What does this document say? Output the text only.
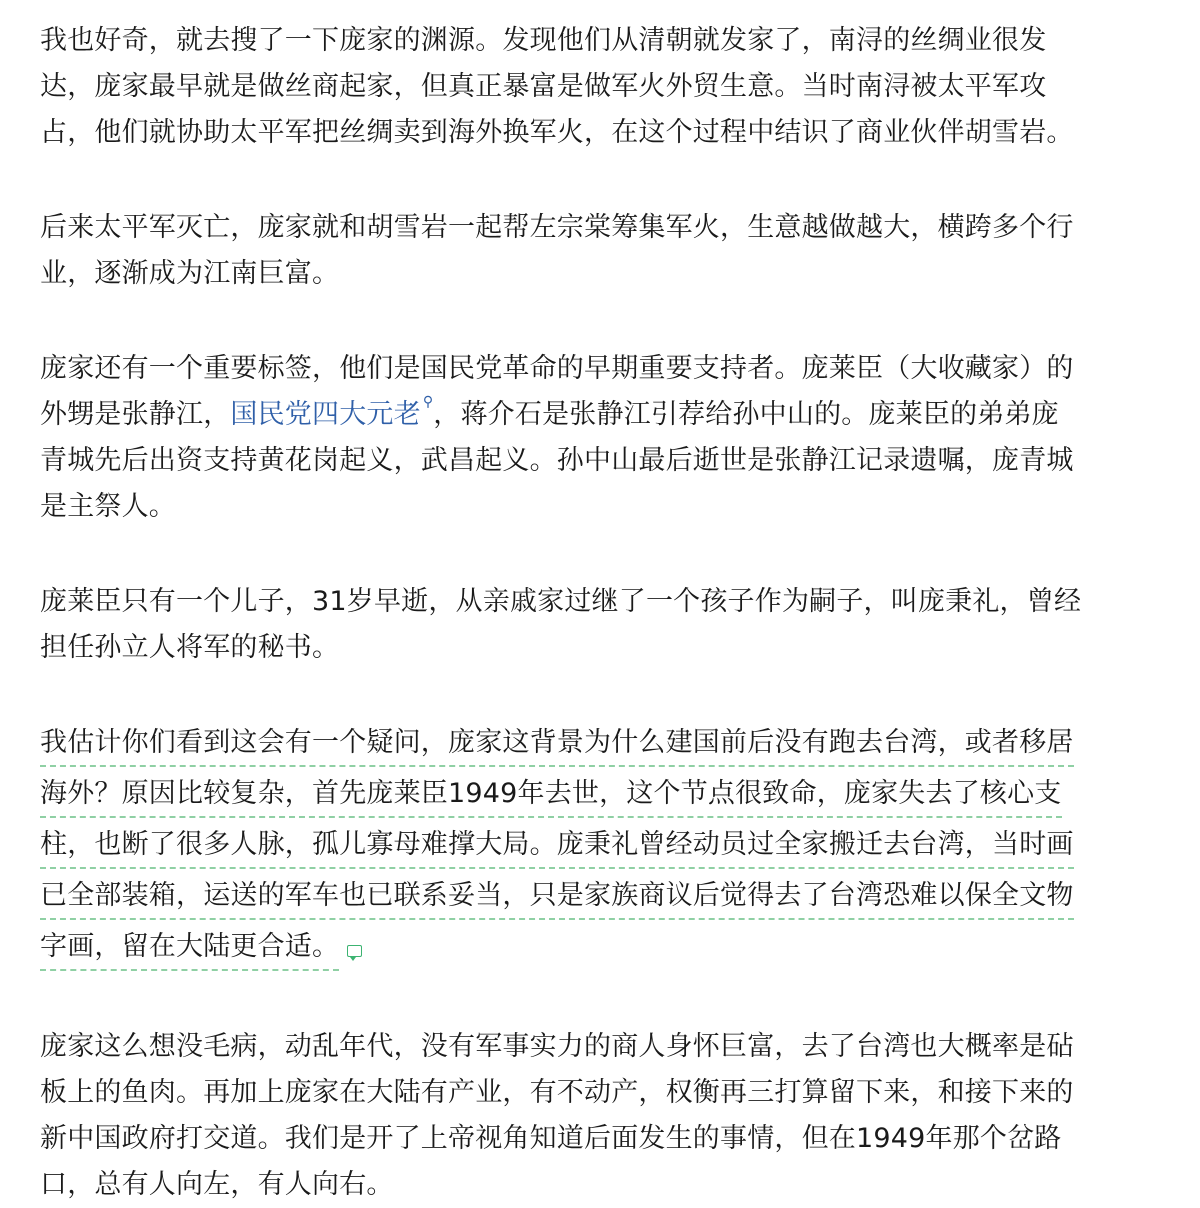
我也好奇，就去搜了一下庞家的渊源。发现他们从清朝就发家了，南浔的丝绸业很发
达，庞家最早就是做丝商起家，但真正暴富是做军火外贸生意。当时南浔被太平军攻
占，他们就协助太平军把丝绸卖到海外换军火，在这个过程中结识了商业伙伴胡雪岩。

后来太平军灭亡，庞家就和胡雪岩一起帮左宗棠筹集军火，生意越做越大，横跨多个行
业，逐渐成为江南巨富。

庞家还有一个重要标签，他们是国民党革命的早期重要支持者。庞莱臣（大收藏家）的
外甥是张静江，国民党四大元老 ⚲，蒋介石是张静江引荐给孙中山的。庞莱臣的弟弟庞
青城先后出资支持黄花岗起义，武昌起义。孙中山最后逝世是张静江记录遗嘱，庞青城
是主祭人。

庞莱臣只有一个儿子，31岁早逝，从亲戚家过继了一个孩子作为嗣子，叫庞秉礼，曾经
担任孙立人将军的秘书。

我估计你们看到这会有一个疑问，庞家这背景为什么建国前后没有跑去台湾，或者移居 海外？原因比较复杂，首先庞莱臣1949年去世，这个节点很致命，庞家失去了核心支 柱，也断了很多人脉，孤儿寡母难撑大局。庞秉礼曾经动员过全家搬迁去台湾，当时画 已全部装箱，运送的军车也已联系妥当，只是家族商议后觉得去了台湾恐难以保全文物 字画，留在大陆更合适。

庞家这么想没毛病，动乱年代，没有军事实力的商人身怀巨富，去了台湾也大概率是砧
板上的鱼肉。再加上庞家在大陆有产业，有不动产，权衡再三打算留下来，和接下来的
新中国政府打交道。我们是开了上帝视角知道后面发生的事情，但在1949年那个岔路
口，总有人向左，有人向右。
